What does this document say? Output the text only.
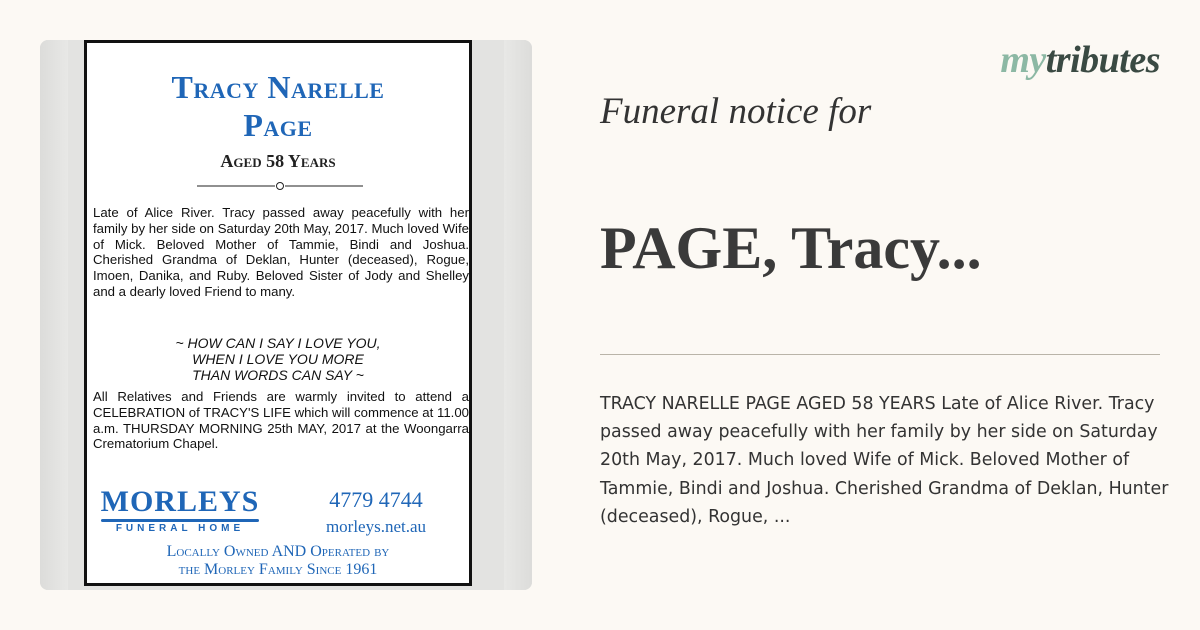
Tracy Narelle
Page
Aged 58 Years
Late of Alice River. Tracy passed away peacefully with her family by her side on Saturday 20th May, 2017. Much loved Wife of Mick. Beloved Mother of Tammie, Bindi and Joshua. Cherished Grandma of Deklan, Hunter (deceased), Rogue, Imoen, Danika, and Ruby. Beloved Sister of Jody and Shelley and a dearly loved Friend to many.
~ HOW CAN I SAY I LOVE YOU,
WHEN I LOVE YOU MORE
THAN WORDS CAN SAY ~
All Relatives and Friends are warmly invited to attend a CELEBRATION of TRACY'S LIFE which will commence at 11.00 a.m. THURSDAY MORNING 25th MAY, 2017 at the Woongarra Crematorium Chapel.
MORLEYS
FUNERAL HOME
4779 4744
morleys.net.au
Locally Owned AND Operated by
the Morley Family Since 1961
mytributes
Funeral notice for
PAGE, Tracy...
TRACY NARELLE PAGE AGED 58 YEARS Late of Alice River. Tracy passed away peacefully with her family by her side on Saturday 20th May, 2017. Much loved Wife of Mick. Beloved Mother of Tammie, Bindi and Joshua. Cherished Grandma of Deklan, Hunter (deceased), Rogue, ...
